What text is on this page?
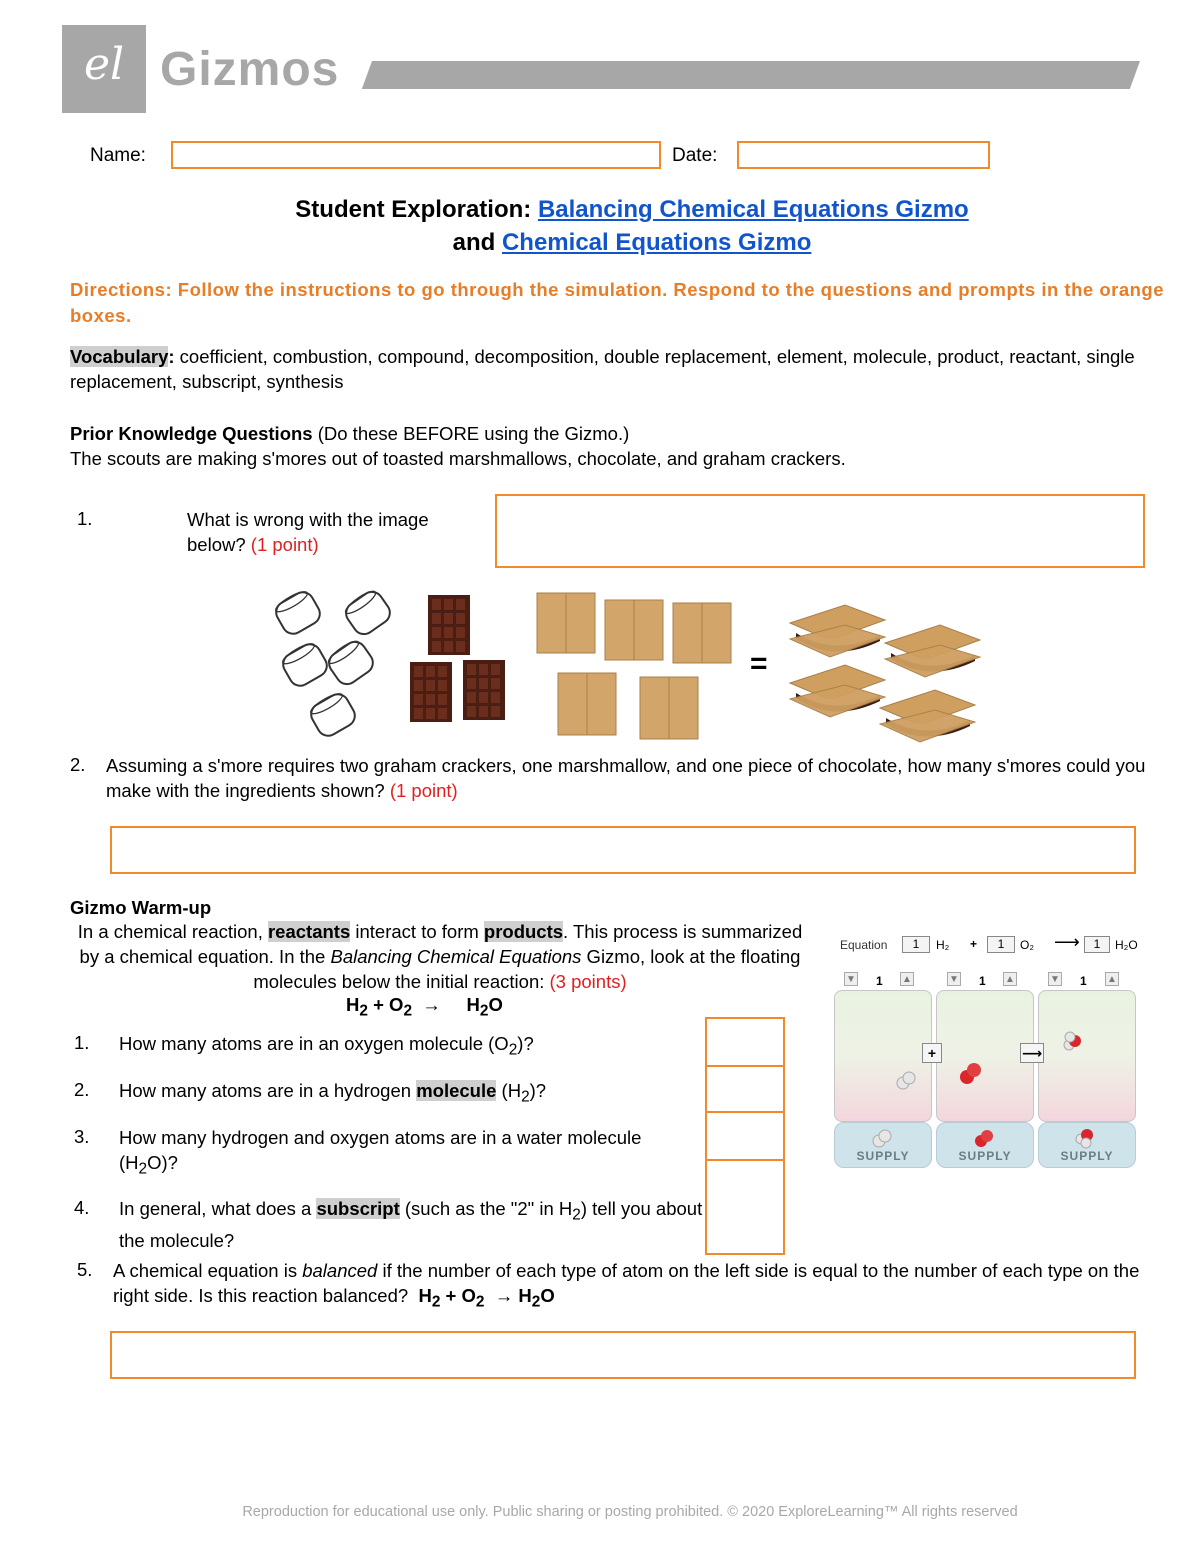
el Gizmos
Name:	Date:
Student Exploration: Balancing Chemical Equations Gizmo
and Chemical Equations Gizmo
Directions: Follow the instructions to go through the simulation. Respond to the questions and prompts in the orange boxes.
Vocabulary: coefficient, combustion, compound, decomposition, double replacement, element, molecule, product, reactant, single replacement, subscript, synthesis
Prior Knowledge Questions (Do these BEFORE using the Gizmo.)
The scouts are making s'mores out of toasted marshmallows, chocolate, and graham crackers.
1.	What is wrong with the image below? (1 point)
=
2. Assuming a s'more requires two graham crackers, one marshmallow, and one piece of chocolate, how many s'mores could you make with the ingredients shown? (1 point)
Gizmo Warm-up
In a chemical reaction, reactants interact to form products. This process is summarized by a chemical equation. In the Balancing Chemical Equations Gizmo, look at the floating molecules below the initial reaction: (3 points)
$H_2 + O_2 \to H_2O$
1. How many atoms are in an oxygen molecule $(O_2)$?
2. How many atoms are in a hydrogen molecule $(H_2)$?
3. How many hydrogen and oxygen atoms are in a water molecule $(H_2O)$?
4. In general, what does a subscript (such as the "2" in $H_2$) tell you about the molecule?
5. A chemical equation is balanced if the number of each type of atom on the left side is equal to the number of each type on the right side. Is this reaction balanced? $H_2 + O_2 \to H_2O$
Equation	1	H₂ +	1	O₂ ⟶	1	H₂O
▼ 1 ▲	▼ 1 ▲	▼ 1 ▲
+	⟶
SUPPLY	SUPPLY	SUPPLY
Reproduction for educational use only. Public sharing or posting prohibited. © 2020 ExploreLearning™ All rights reserved
